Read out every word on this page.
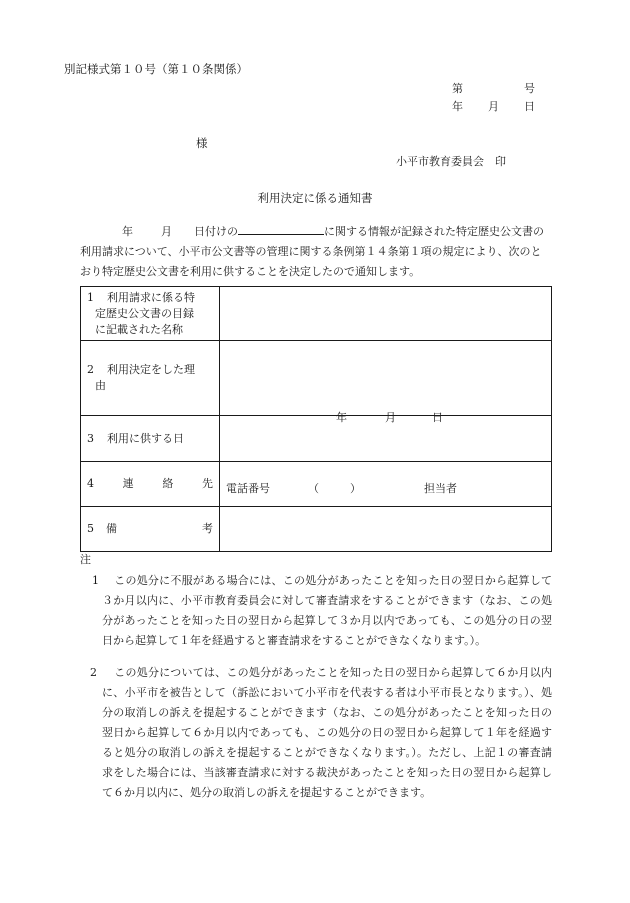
別記様式第１０号（第１０条関係）
第	号
年 月 日
様
小平市教育委員会　印
利用決定に係る通知書
年	月 日付けの	に関する情報が記録された特定歴史公文書の利用請求について、小平市公文書等の管理に関する条例第１４条第１項の規定により、次のとおり特定歴史公文書を利用に供することを決定したので通知します。
1 利用請求に係る特
定歴史公文書の目録
に記載された名称	

2 利用決定をした理
由	

3 利用に供する日	年 月 日

4 連 絡 先	電話番号 （ ） 担当者

5 備 考	

注
1 この処分に不服がある場合には、この処分があったことを知った日の翌日から起算して３か月以内に、小平市教育委員会に対して審査請求をすることができます（なお、この処分があったことを知った日の翌日から起算して３か月以内であっても、この処分の日の翌日から起算して１年を経過すると審査請求をすることができなくなります。）。
2 この処分については、この処分があったことを知った日の翌日から起算して６か月以内に、小平市を被告として（訴訟において小平市を代表する者は小平市長となります。）、処分の取消しの訴えを提起することができます（なお、この処分があったことを知った日の翌日から起算して６か月以内であっても、この処分の日の翌日から起算して１年を経過すると処分の取消しの訴えを提起することができなくなります。）。ただし、上記１の審査請求をした場合には、当該審査請求に対する裁決があったことを知った日の翌日から起算して６か月以内に、処分の取消しの訴えを提起することができます。
